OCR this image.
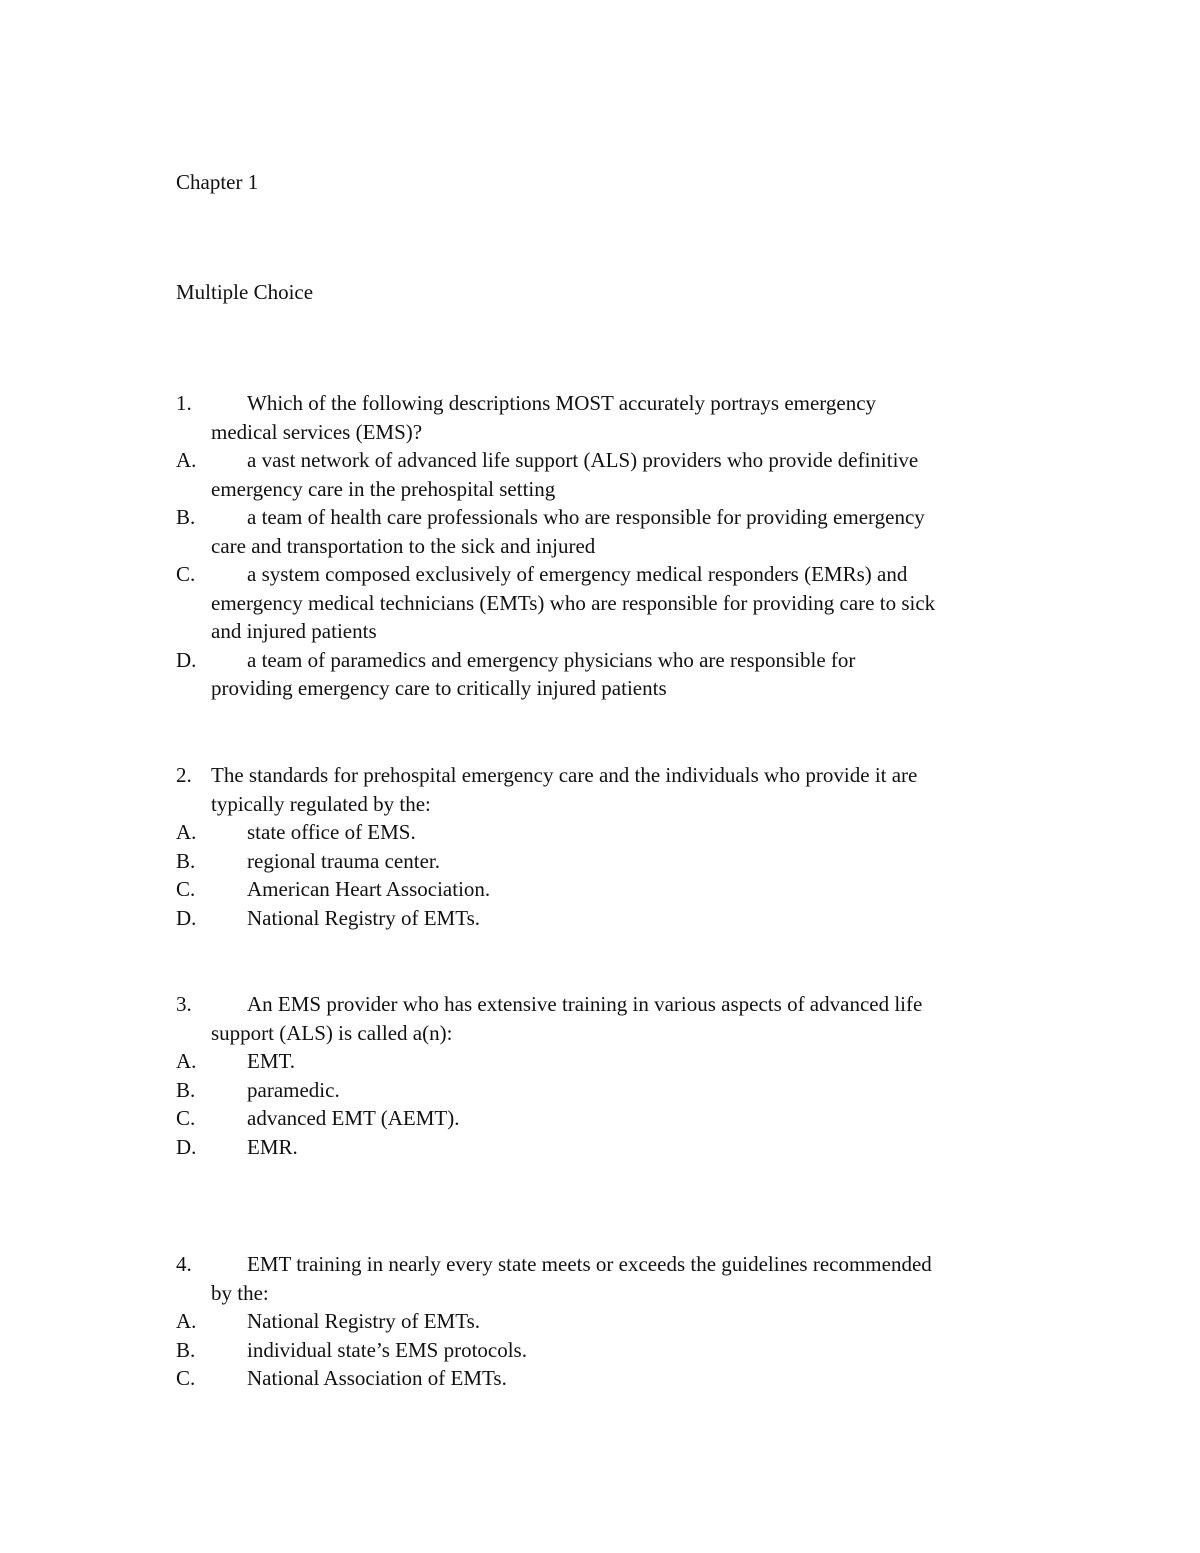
Chapter 1
Multiple Choice
1.	Which of the following descriptions MOST accurately portrays emergency
medical services (EMS)?
A. a vast network of advanced life support (ALS) providers who provide definitive
emergency care in the prehospital setting
B. a team of health care professionals who are responsible for providing emergency
care and transportation to the sick and injured
C. a system composed exclusively of emergency medical responders (EMRs) and
emergency medical technicians (EMTs) who are responsible for providing care to sick
and injured patients
D. a team of paramedics and emergency physicians who are responsible for
providing emergency care to critically injured patients
2. The standards for prehospital emergency care and the individuals who provide it are
typically regulated by the:
A. state office of EMS.
B. regional trauma center.
C. American Heart Association.
D. National Registry of EMTs.
3.	An EMS provider who has extensive training in various aspects of advanced life
support (ALS) is called a(n):
A. EMT.
B. paramedic.
C. advanced EMT (AEMT).
D. EMR.
4.	EMT training in nearly every state meets or exceeds the guidelines recommended
by the:
A. National Registry of EMTs.
B. individual state’s EMS protocols.
C. National Association of EMTs.
